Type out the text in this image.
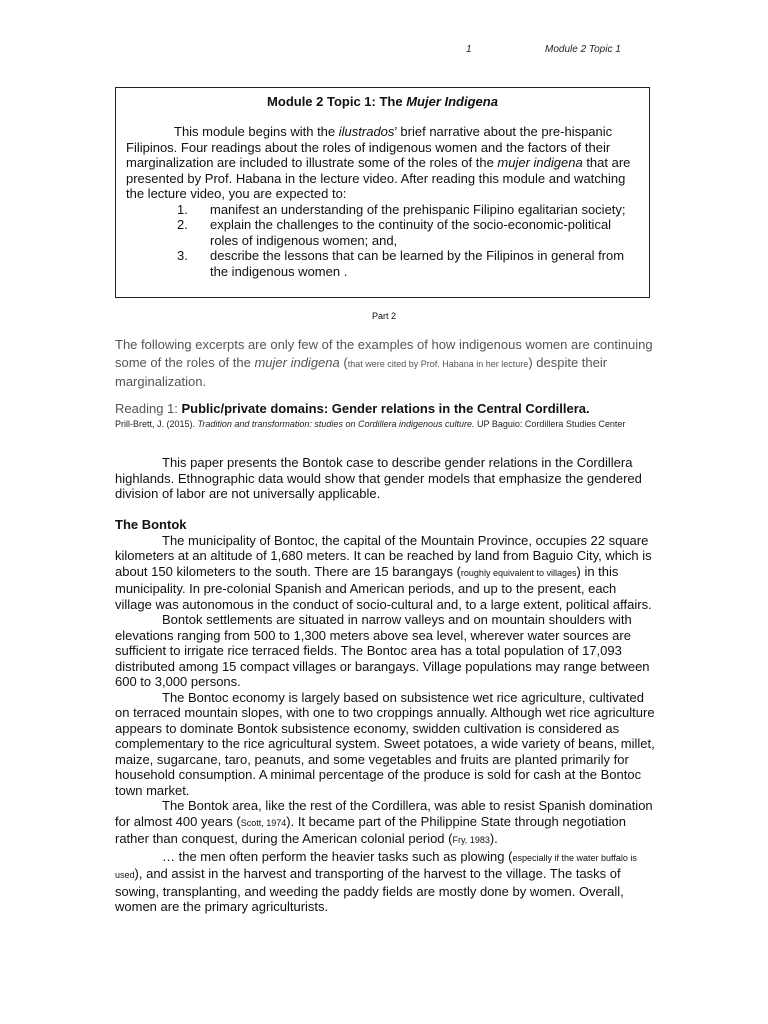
1	Module 2 Topic 1
Module 2 Topic 1: The Mujer Indigena
This module begins with the ilustrados’ brief narrative about the pre-hispanic Filipinos. Four readings about the roles of indigenous women and the factors of their marginalization are included to illustrate some of the roles of the mujer indigena that are presented by Prof. Habana in the lecture video. After reading this module and watching the lecture video, you are expected to:
1. manifest an understanding of the prehispanic Filipino egalitarian society;
2. explain the challenges to the continuity of the socio-economic-political roles of indigenous women; and,
3. describe the lessons that can be learned by the Filipinos in general from the indigenous women .
Part 2
The following excerpts are only few of the examples of how indigenous women are continuing some of the roles of the mujer indigena (that were cited by Prof. Habana in her lecture) despite their marginalization.
Reading 1: Public/private domains: Gender relations in the Central Cordillera.
Prill-Brett, J. (2015). Tradition and transformation: studies on Cordillera indigenous culture. UP Baguio: Cordillera Studies Center

This paper presents the Bontok case to describe gender relations in the Cordillera highlands. Ethnographic data would show that gender models that emphasize the gendered division of labor are not universally applicable.

The Bontok

The municipality of Bontoc, the capital of the Mountain Province, occupies 22 square kilometers at an altitude of 1,680 meters. It can be reached by land from Baguio City, which is about 150 kilometers to the south. There are 15 barangays (roughly equivalent to villages) in this municipality. In pre-colonial Spanish and American periods, and up to the present, each village was autonomous in the conduct of socio-cultural and, to a large extent, political affairs.

Bontok settlements are situated in narrow valleys and on mountain shoulders with elevations ranging from 500 to 1,300 meters above sea level, wherever water sources are sufficient to irrigate rice terraced fields. The Bontoc area has a total population of 17,093 distributed among 15 compact villages or barangays. Village populations may range between 600 to 3,000 persons.

The Bontoc economy is largely based on subsistence wet rice agriculture, cultivated on terraced mountain slopes, with one to two croppings annually. Although wet rice agriculture appears to dominate Bontok subsistence economy, swidden cultivation is considered as complementary to the rice agricultural system. Sweet potatoes, a wide variety of beans, millet, maize, sugarcane, taro, peanuts, and some vegetables and fruits are planted primarily for household consumption. A minimal percentage of the produce is sold for cash at the Bontoc town market.

The Bontok area, like the rest of the Cordillera, was able to resist Spanish domination for almost 400 years (Scott, 1974). It became part of the Philippine State through negotiation rather than conquest, during the American colonial period (Fry, 1983).

… the men often perform the heavier tasks such as plowing (especially if the water buffalo is used), and assist in the harvest and transporting of the harvest to the village. The tasks of sowing, transplanting, and weeding the paddy fields are mostly done by women. Overall, women are the primary agriculturists.
